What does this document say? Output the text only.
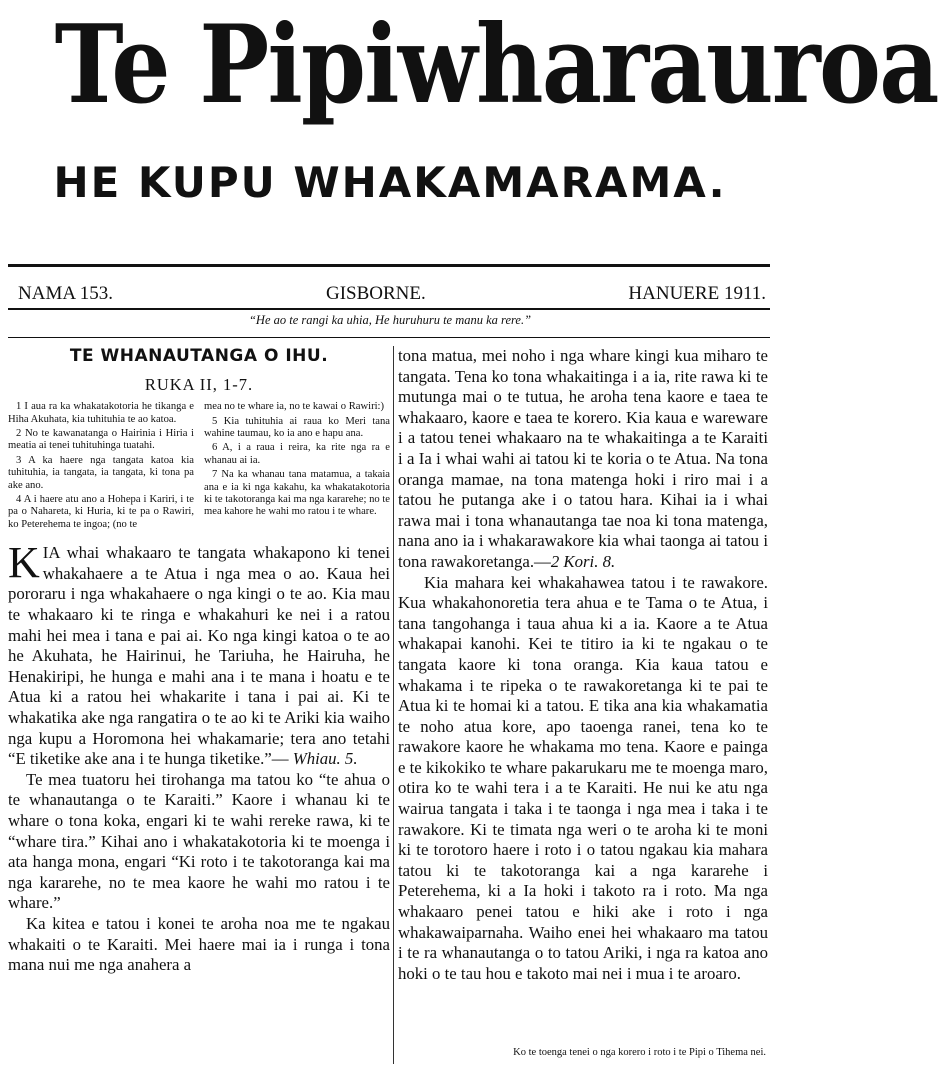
Te Pipiwharauroa
HE KUPU WHAKAMARAMA.
NAMA 153.	GISBORNE.	HANUERE 1911.
“He ao te rangi ka uhia, He huruhuru te manu ka rere.”
TE WHANAUTANGA O IHU.
RUKA II, 1-7.

1 I aua ra ka whakatakotoria he tikanga e Hiha Akuhata, kia tuhituhia te ao katoa.

2 No te kawanatanga o Hairinia i Hiria i meatia ai tenei tuhituhinga tuatahi.

3 A ka haere nga tangata katoa kia tuhituhia, ia tangata, ia tangata, ki tona pa ake ano.

4 A i haere atu ano a Hohepa i Kariri, i te pa o Nahareta, ki Huria, ki te pa o Rawiri, ko Peterehema te ingoa; (no te

mea no te whare ia, no te kawai o Rawiri:)

5 Kia tuhituhia ai raua ko Meri tana wahine taumau, ko ia ano e hapu ana.

6 A, i a raua i reira, ka rite nga ra e whanau ai ia.

7 Na ka whanau tana matamua, a takaia ana e ia ki nga kakahu, ka whakatakotoria ki te takotoranga kai ma nga kararehe; no te mea kahore he wahi mo ratou i te whare.

KIA whai whakaaro te tangata whakapono ki tenei whakahaere a te Atua i nga mea o ao. Kaua hei pororaru i nga whakahaere o nga kingi o te ao. Kia mau te whakaaro ki te ringa e whakahuri ke nei i a ratou mahi hei mea i tana e pai ai. Ko nga kingi katoa o te ao he Akuhata, he Hairinui, he Tariuha, he Hairuha, he Henakiripi, he hunga e mahi ana i te mana i hoatu e te Atua ki a ratou hei whakarite i tana i pai ai. Ki te whakatika ake nga rangatira o te ao ki te Ariki kia waiho nga kupu a Horomona hei whakamarie; tera ano tetahi “E tiketike ake ana i te hunga tiketike.”— Whiau. 5.

Te mea tuatoru hei tirohanga ma tatou ko “te ahua o te whanautanga o te Karaiti.” Kaore i whanau ki te whare o tona koka, engari ki te wahi rereke rawa, ki te “whare tira.” Kihai ano i whakatakotoria ki te moenga i ata hanga mona, engari “Ki roto i te takotoranga kai ma nga kararehe, no te mea kaore he wahi mo ratou i te whare.”

Ka kitea e tatou i konei te aroha noa me te ngakau whakaiti o te Karaiti. Mei haere mai ia i runga i tona mana nui me nga anahera a

tona matua, mei noho i nga whare kingi kua miharo te tangata. Tena ko tona whakaitinga i a ia, rite rawa ki te mutunga mai o te tutua, he aroha tena kaore e taea te whakaaro, kaore e taea te korero. Kia kaua e wareware i a tatou tenei whakaaro na te whakaitinga a te Karaiti i a Ia i whai wahi ai tatou ki te koria o te Atua. Na tona oranga mamae, na tona matenga hoki i riro mai i a tatou he putanga ake i o tatou hara. Kihai ia i whai rawa mai i tona whanautanga tae noa ki tona matenga, nana ano ia i whakarawakore kia whai taonga ai tatou i tona rawakoretanga.—2 Kori. 8.

Kia mahara kei whakahawea tatou i te rawakore. Kua whakahonoretia tera ahua e te Tama o te Atua, i tana tangohanga i taua ahua ki a ia. Kaore a te Atua whakapai kanohi. Kei te titiro ia ki te ngakau o te tangata kaore ki tona oranga. Kia kaua tatou e whakama i te ripeka o te rawakoretanga ki te pai te Atua ki te homai ki a tatou. E tika ana kia whakamatia te noho atua kore, apo taoenga ranei, tena ko te rawakore kaore he whakama mo tena. Kaore e painga e te kikokiko te whare pakarukaru me te moenga maro, otira ko te wahi tera i a te Karaiti. He nui ke atu nga wairua tangata i taka i te taonga i nga mea i taka i te rawakore. Ki te timata nga weri o te aroha ki te moni ki te torotoro haere i roto i o tatou ngakau kia mahara tatou ki te takotoranga kai a nga kararehe i Peterehema, ki a Ia hoki i takoto ra i roto. Ma nga whakaaro penei tatou e hiki ake i roto i nga whakawaiparnaha. Waiho enei hei whakaaro ma tatou i te ra whanautanga o to tatou Ariki, i nga ra katoa ano hoki o te tau hou e takoto mai nei i mua i te aroaro.

Ko te toenga tenei o nga korero i roto i te Pipi o Tihema nei.
